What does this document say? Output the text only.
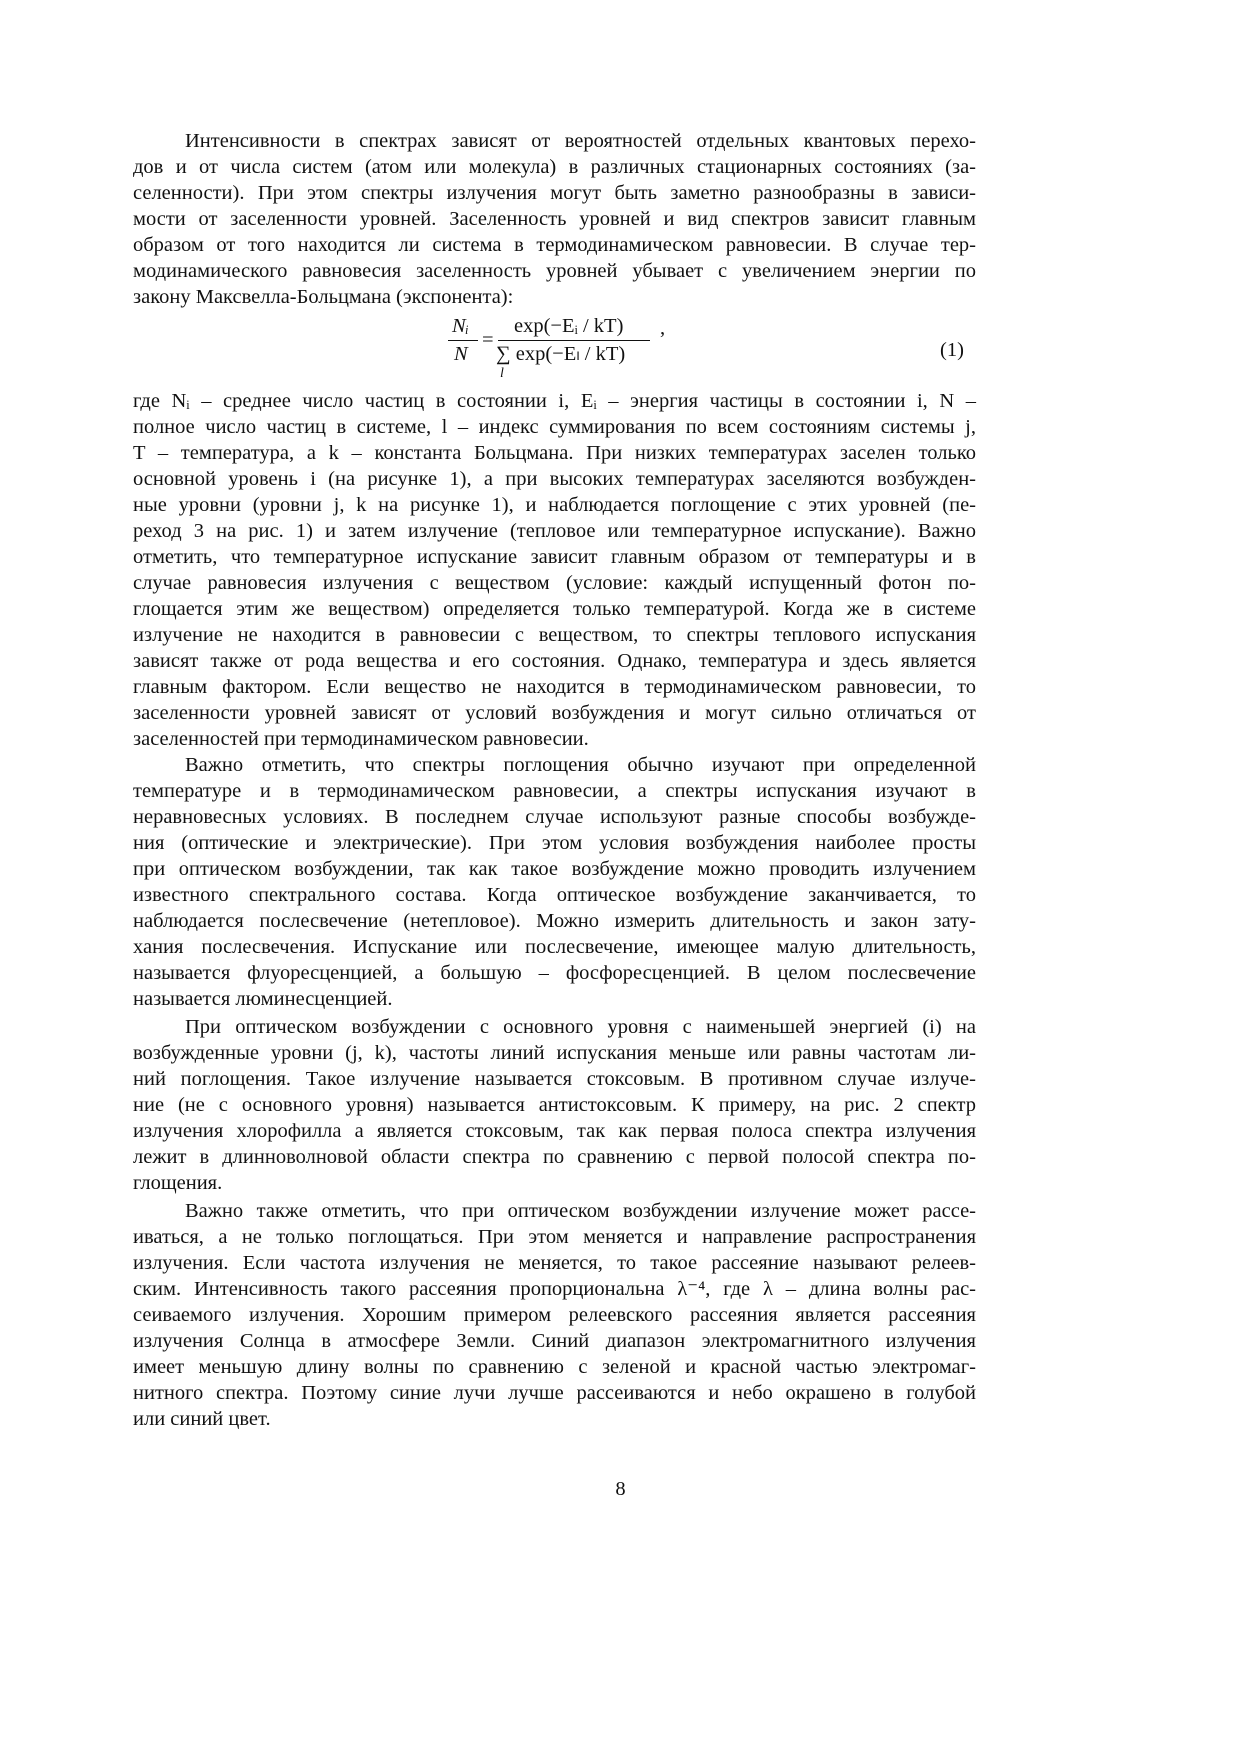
Интенсивности в спектрах зависят от вероятностей отдельных квантовых перехо-
дов и от числа систем (атом или молекула) в различных стационарных состояниях (за-
селенности). При этом спектры излучения могут быть заметно разнообразны в зависи-
мости от заселенности уровней. Заселенность уровней и вид спектров зависит главным
образом от того находится ли система в термодинамическом равновесии. В случае тер-
модинамического равновесия заселенность уровней убывает с увеличением энергии по
закону Максвелла-Больцмана (экспонента):
Nᵢ
N
=
exp(−Eᵢ / kT)
∑ exp(−Eₗ / kT)
l
,
(1)
где Nᵢ – среднее число частиц в состоянии i, Eᵢ – энергия частицы в состоянии i, N –
полное число частиц в системе, l – индекс суммирования по всем состояниям системы j,
T – температура, а k – константа Больцмана. При низких температурах заселен только
основной уровень i (на рисунке 1), а при высоких температурах заселяются возбужден-
ные уровни (уровни j, k на рисунке 1), и наблюдается поглощение с этих уровней (пе-
реход 3 на рис. 1) и затем излучение (тепловое или температурное испускание). Важно
отметить, что температурное испускание зависит главным образом от температуры и в
случае равновесия излучения с веществом (условие: каждый испущенный фотон по-
глощается этим же веществом) определяется только температурой. Когда же в системе
излучение не находится в равновесии с веществом, то спектры теплового испускания
зависят также от рода вещества и его состояния. Однако, температура и здесь является
главным фактором. Если вещество не находится в термодинамическом равновесии, то
заселенности уровней зависят от условий возбуждения и могут сильно отличаться от
заселенностей при термодинамическом равновесии.
Важно отметить, что спектры поглощения обычно изучают при определенной
температуре и в термодинамическом равновесии, а спектры испускания изучают в
неравновесных условиях. В последнем случае используют разные способы возбужде-
ния (оптические и электрические). При этом условия возбуждения наиболее просты
при оптическом возбуждении, так как такое возбуждение можно проводить излучением
известного спектрального состава. Когда оптическое возбуждение заканчивается, то
наблюдается послесвечение (нетепловое). Можно измерить длительность и закон зату-
хания послесвечения. Испускание или послесвечение, имеющее малую длительность,
называется флуоресценцией, а большую – фосфоресценцией. В целом послесвечение
называется люминесценцией.
При оптическом возбуждении с основного уровня с наименьшей энергией (i) на
возбужденные уровни (j, k), частоты линий испускания меньше или равны частотам ли-
ний поглощения. Такое излучение называется стоксовым. В противном случае излуче-
ние (не с основного уровня) называется антистоксовым. К примеру, на рис. 2 спектр
излучения хлорофилла a является стоксовым, так как первая полоса спектра излучения
лежит в длинноволновой области спектра по сравнению с первой полосой спектра по-
глощения.
Важно также отметить, что при оптическом возбуждении излучение может рассе-
иваться, а не только поглощаться. При этом меняется и направление распространения
излучения. Если частота излучения не меняется, то такое рассеяние называют релеев-
ским. Интенсивность такого рассеяния пропорциональна λ⁻⁴, где λ – длина волны рас-
сеиваемого излучения. Хорошим примером релеевского рассеяния является рассеяния
излучения Солнца в атмосфере Земли. Синий диапазон электромагнитного излучения
имеет меньшую длину волны по сравнению с зеленой и красной частью электромаг-
нитного спектра. Поэтому синие лучи лучше рассеиваются и небо окрашено в голубой
или синий цвет.
8
